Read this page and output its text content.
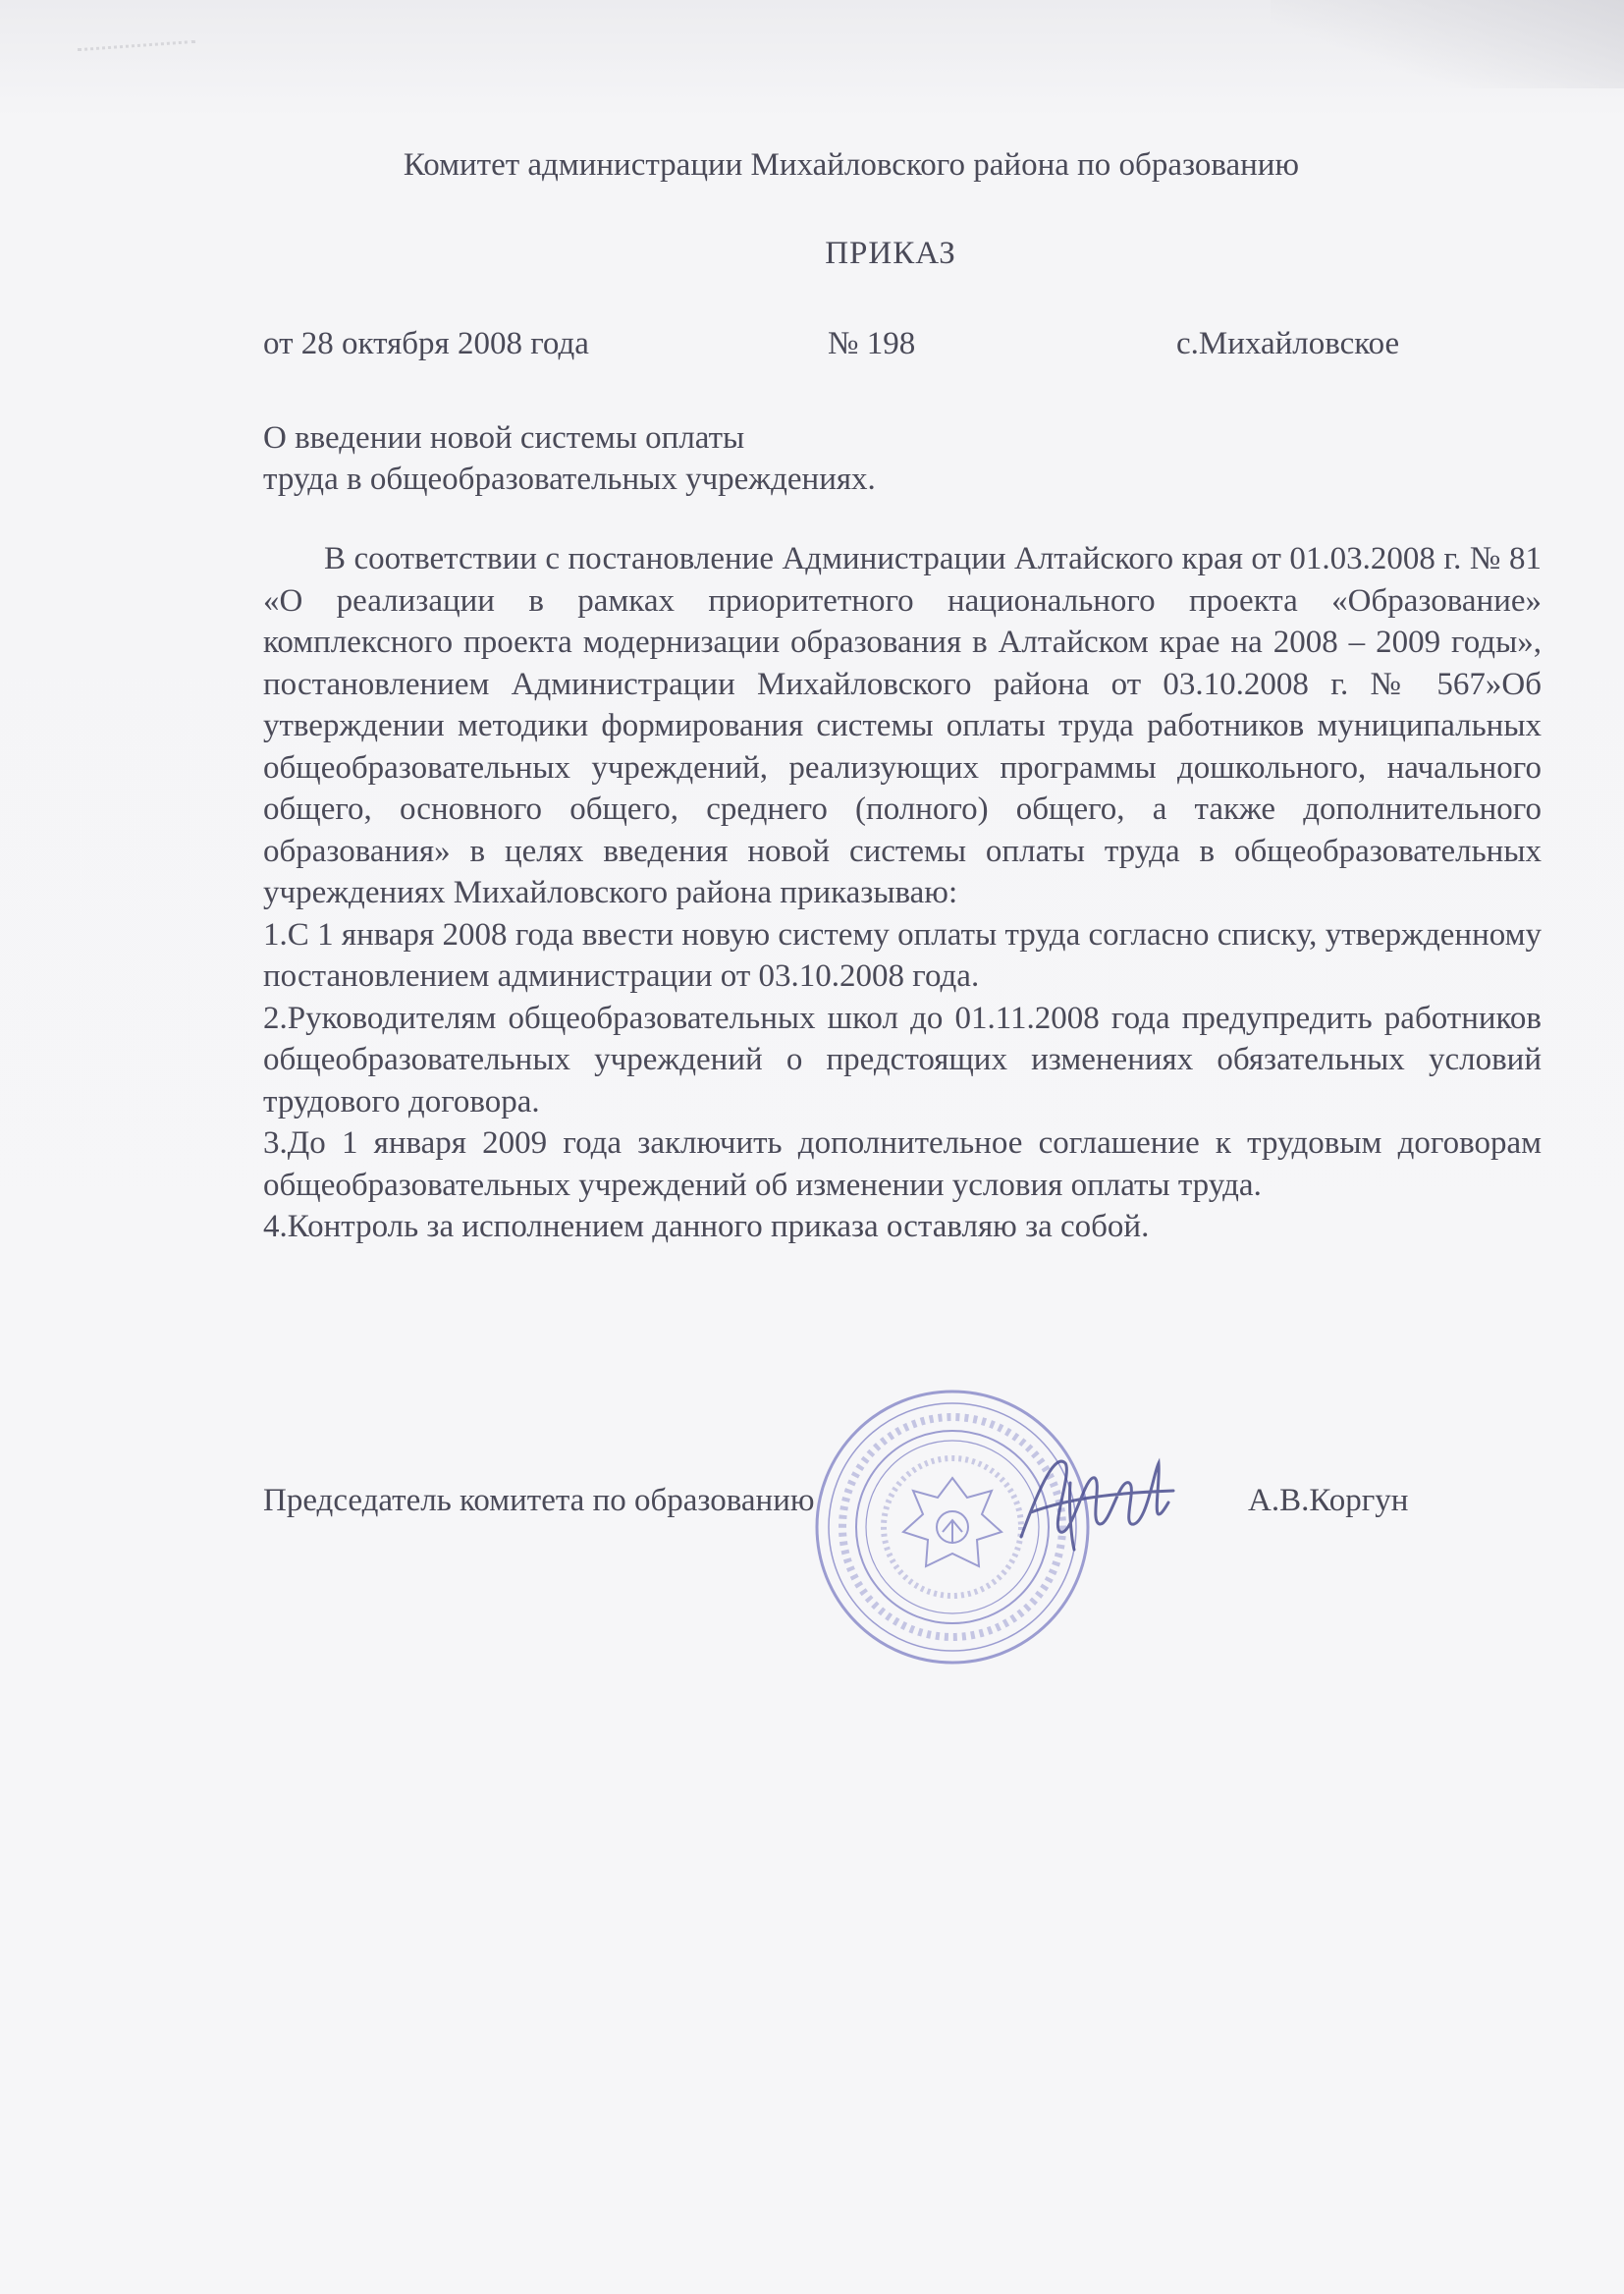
Комитет администрации Михайловского района по образованию
ПРИКАЗ
от 28 октября 2008 года	№ 198	с.Михайловское
О введении новой системы оплаты
труда в общеобразовательных учреждениях.

В соответствии с постановление Администрации Алтайского края от 01.03.2008 г. № 81 «О реализации в рамках приоритетного национального проекта «Образование» комплексного проекта модернизации образования в Алтайском крае на 2008 – 2009 годы», постановлением Администрации Михайловского района от 03.10.2008 г. № 567»Об утверждении методики формирования системы оплаты труда работников муниципальных общеобразовательных учреждений, реализующих программы дошкольного, начального общего, основного общего, среднего (полного) общего, а также дополнительного образования» в целях введения новой системы оплаты труда в общеобразовательных учреждениях Михайловского района приказываю:

1.С 1 января 2008 года ввести новую систему оплаты труда согласно списку, утвержденному постановлением администрации от 03.10.2008 года.

2.Руководителям общеобразовательных школ до 01.11.2008 года предупредить работников общеобразовательных учреждений о предстоящих изменениях обязательных условий трудового договора.

3.До 1 января 2009 года заключить дополнительное соглашение к трудовым договорам общеобразовательных учреждений об изменении условия оплаты труда.

4.Контроль за исполнением данного приказа оставляю за собой.

Председатель комитета по образованию	А.В.Коргун
